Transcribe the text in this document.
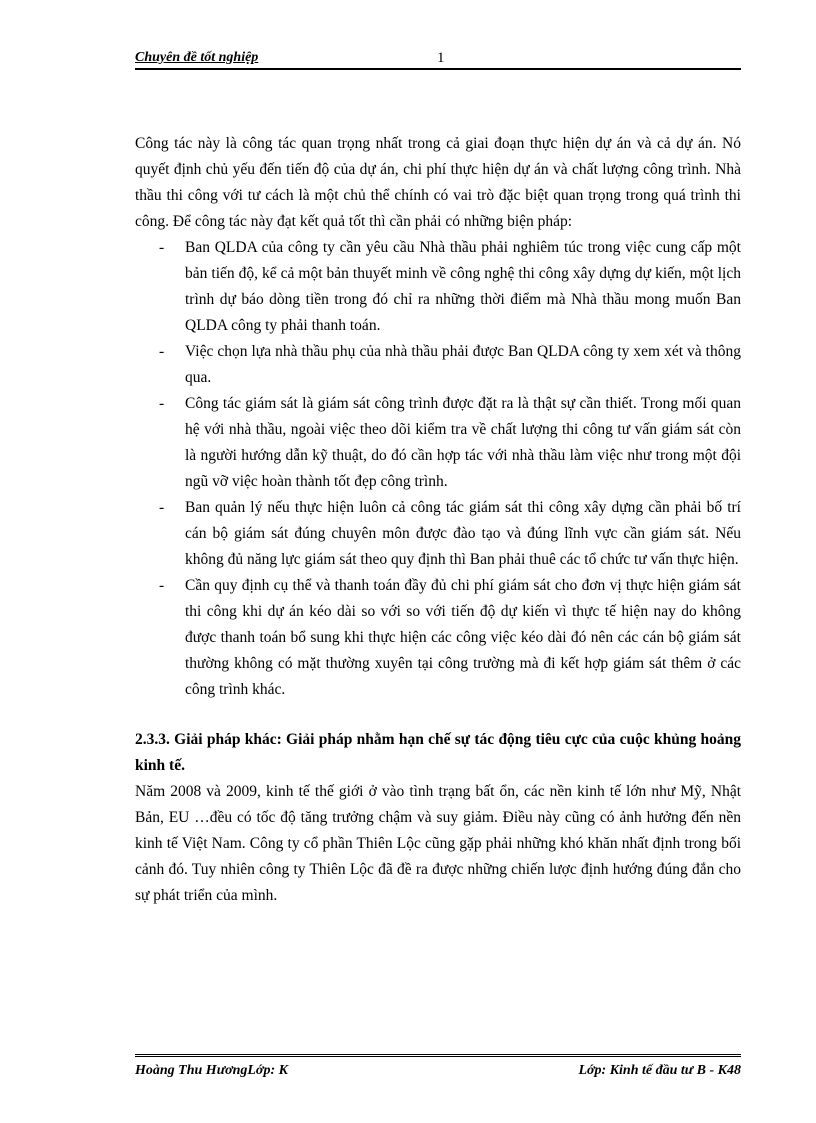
Chuyên đề tốt nghiệp	1

Công tác này là công tác quan trọng nhất trong cả giai đoạn thực hiện dự án và cả dự án. Nó quyết định chủ yếu đến tiến độ của dự án, chi phí thực hiện dự án và chất lượng công trình. Nhà thầu thi công với tư cách là một chủ thể chính có vai trò đặc biệt quan trọng trong quá trình thi công. Để công tác này đạt kết quả tốt thì cần phải có những biện pháp:

- Ban QLDA của công ty cần yêu cầu Nhà thầu phải nghiêm túc trong việc cung cấp một bản tiến độ, kể cả một bản thuyết minh về công nghệ thi công xây dựng dự kiến, một lịch trình dự báo dòng tiền trong đó chỉ ra những thời điểm mà Nhà thầu mong muốn Ban QLDA công ty phải thanh toán.
- Việc chọn lựa nhà thầu phụ của nhà thầu phải được Ban QLDA công ty xem xét và thông qua.
- Công tác giám sát là giám sát công trình được đặt ra là thật sự cần thiết. Trong mối quan hệ với nhà thầu, ngoài việc theo dõi kiểm tra về chất lượng thi công tư vấn giám sát còn là người hướng dẫn kỹ thuật, do đó cần hợp tác với nhà thầu làm việc như trong một đội ngũ vỡ việc hoàn thành tốt đẹp công trình.
- Ban quản lý nếu thực hiện luôn cả công tác giám sát thi công xây dựng cần phải bố trí cán bộ giám sát đúng chuyên môn được đào tạo và đúng lĩnh vực cần giám sát. Nếu không đủ năng lực giám sát theo quy định thì Ban phải thuê các tổ chức tư vấn thực hiện.
- Cần quy định cụ thể và thanh toán đầy đủ chi phí giám sát cho đơn vị thực hiện giám sát thi công khi dự án kéo dài so với so với tiến độ dự kiến vì thực tế hiện nay do không được thanh toán bổ sung khi thực hiện các công việc kéo dài đó nên các cán bộ giám sát thường không có mặt thường xuyên tại công trường mà đi kết hợp giám sát thêm ở các công trình khác.

2.3.3. Giải pháp khác: Giải pháp nhằm hạn chế sự tác động tiêu cực của cuộc khủng hoảng kinh tế.

Năm 2008 và 2009, kinh tế thế giới ở vào tình trạng bất ổn, các nền kinh tế lớn như Mỹ, Nhật Bản, EU …đều có tốc độ tăng trưởng chậm và suy giảm. Điều này cũng có ảnh hưởng đến nền kinh tế Việt Nam. Công ty cổ phần Thiên Lộc cũng gặp phải những khó khăn nhất định trong bối cảnh đó. Tuy nhiên công ty Thiên Lộc đã đề ra được những chiến lược định hướng đúng đắn cho sự phát triển của mình.

Hoàng Thu HươngLớp: K	Lớp: Kinh tế đầu tư B - K48
